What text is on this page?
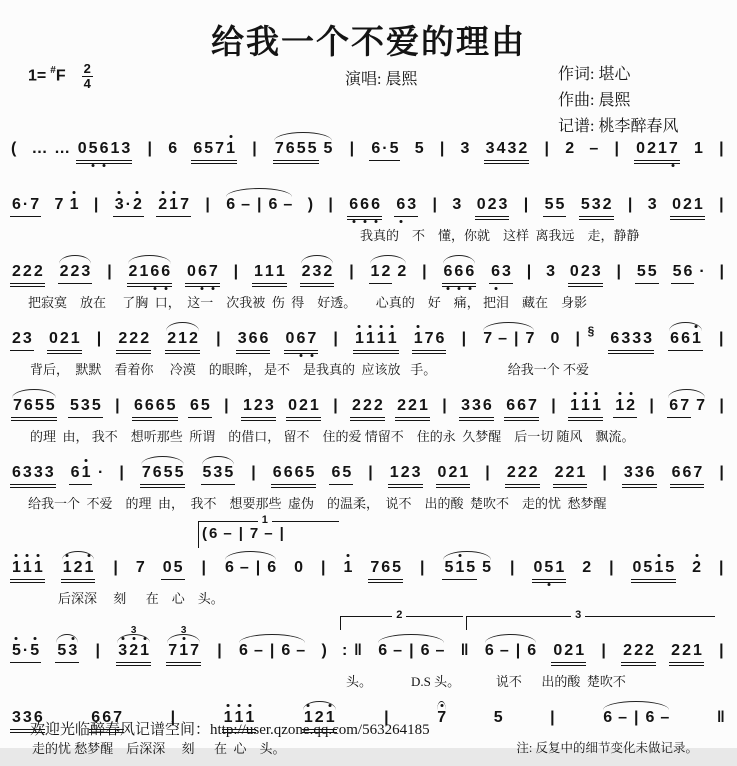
给我一个不爱的理由
$1= ^{\#}F \frac{2}{4}$	演唱: 晨熙	作词: 堪心
作曲: 晨熙
记谱: 桃李醉春风
( … … 0 5 6 1 3 | 6 6 5 7 1 | 7 6 5 5 5 | 6 · 5 5 | 3 3 4 3 2 | 2 – | 0 2 1 7 1 |
6 · 7 7 1 | 3 · 2 2 1 7 | 6 – | 6 – ) | 6 6 6 6 3 | 3 0 2 3 | 5 5 5 3 2 | 3 0 2 1 |
我真的    不    懂，你就    这样  离我远    走，静静
2 2 2 2 2 3 | 2 1 6 6 0 6 7 | 1 1 1 2 3 2 | 1 2 2 | 6 6 6 6 3 | 3 0 2 3 | 5 5 5 6 · |
把寂寞    放在     了胸  口，  这一    次我被  伤  得    好透。      心真的    好    痛， 把泪    藏在    身影
2 3 0 2 1 | 2 2 2 2 1 2 | 3 6 6 0 6 7 | 1 1 1 1 1 7 6 | 7 – | 7 0 | § 6 3 3 3 6 6 1 |
背后，  默默    看着你     冷漠    的眼眸， 是不    是我真的  应该放   手。                      给我一个 不爱
7 6 5 5 5 3 5 | 6 6 6 5 6 5 | 1 2 3 0 2 1 | 2 2 2 2 2 1 | 3 3 6 6 6 7 | 1 1 1 1 2 | 6 7 7 |
的理  由， 我不    想听那些  所谓    的借口， 留不    住的爱 情留不    住的永  久梦醒    后一切 随风    飘流。
6 3 3 3 6 1 · | 7 6 5 5 5 3 5 | 6 6 6 5 6 5 | 1 2 3 0 2 1 | 2 2 2 2 2 1 | 3 3 6 6 6 7 |
给我一个  不爱    的理  由，  我不    想要那些  虚伪    的温柔，  说不    出的酸  楚吹不    走的忧  愁梦醒
1
( 6 – | 7 – |
1 1 1 1 2 1 | 7 0 5 | 6 – | 6 0 | 1 7 6 5 | 5 1 5 5 | 0 5 1 2 | 0 5 1 5 2 |
后深深     刻      在    心    头。
2	3
5 · 5 5 3 | 3 2 1
3 7 1 7
3 | 6 – | 6 – ) : ‖ 6 – | 6 – ‖ 6 – | 6 0 2 1 | 2 2 2 2 2 1 |
头。            D.S 头。           说不      出的酸  楚吹不
3 3 6	6 6 7	|	1 1 1	1 2 1	|	7	5	|	6 – | 6 –	‖
走的忧 愁梦醒    后深深     刻      在  心    头。	注: 反复中的细节变化未做记录。
欢迎光临醉春风记谱空间：http://user.qzone.qq.com/563264185
